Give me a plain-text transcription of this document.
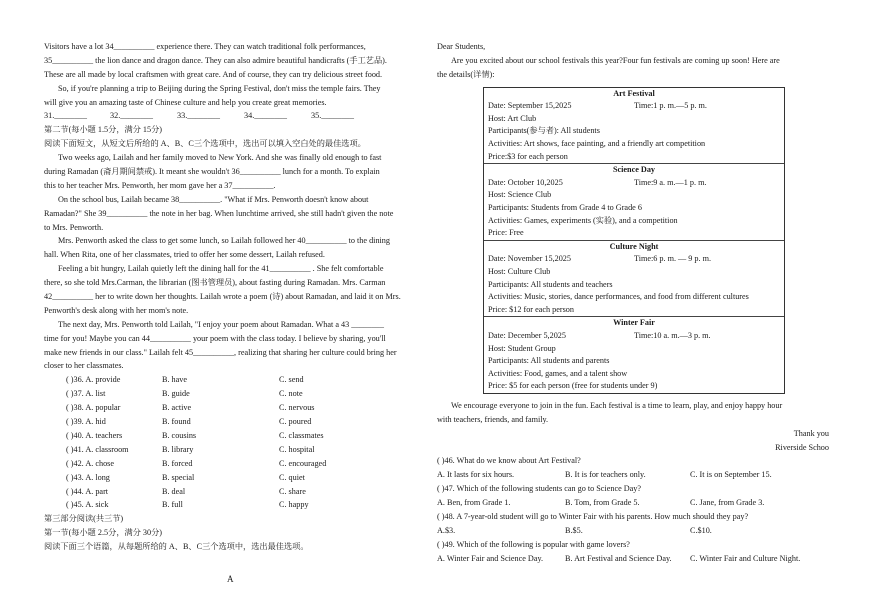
Visitors have a lot 34__________ experience there. They can watch traditional folk performances,

35__________ the lion dance and dragon dance. They can also admire beautiful handicrafts (手工艺品).

These are all made by local craftsmen with great care. And of course, they can try delicious street food.

So, if you're planning a trip to Beijing during the Spring Festival, don't miss the temple fairs. They

will give you an amazing taste of Chinese culture and help you create great memories.

31.________	32.________	33.________	34.________	35.________

第二节(每小题 1.5分，满分 15分)

阅读下面短文，从短文后所给的 A、B、C三个选项中，选出可以填入空白处的最佳选项。

Two weeks ago, Lailah and her family moved to New York. And she was finally old enough to fast

during Ramadan (斋月期间禁戒). It meant she wouldn't 36__________ lunch for a month. To explain

this to her teacher Mrs. Penworth, her mom gave her a 37__________.

On the school bus, Lailah became 38__________. "What if Mrs. Penworth doesn't know about

Ramadan?" She 39__________ the note in her bag. When lunchtime arrived, she still hadn't given the note

to Mrs. Penworth.

Mrs. Penworth asked the class to get some lunch, so Lailah followed her 40__________ to the dining

hall. When Rita, one of her classmates, tried to offer her some dessert, Lailah refused.

Feeling a bit hungry, Lailah quietly left the dining hall for the 41__________ . She felt comfortable

there, so she told Mrs.Carman, the librarian (图书管理员), about fasting during Ramadan. Mrs. Carman

42__________ her to write down her thoughts. Lailah wrote a poem (诗) about Ramadan, and laid it on Mrs.

Penworth's desk along with her mom's note.

The next day, Mrs. Penworth told Lailah, "I enjoy your poem about Ramadan. What a 43 ________

time for you! Maybe you can 44__________ your poem with the class today. I believe by sharing, you'll

make new friends in our class." Lailah felt 45__________, realizing that sharing her culture could bring her

closer to her classmates.

( )36. A. provide	B. have	C. send
( )37. A. list	B. guide	C. note
( )38. A. popular	B. active	C. nervous
( )39. A. hid	B. found	C. poured
( )40. A. teachers	B. cousins	C. classmates
( )41. A. classroom	B. library	C. hospital
( )42. A. chose	B. forced	C. encouraged
( )43. A. long	B. special	C. quiet
( )44. A. part	B. deal	C. share
( )45. A. sick	B. full	C. happy

第三部分阅读(共三节)

第一节(每小题 2.5分，满分 30分)

阅读下面三个语篇，从每题所给的 A、B、C三个选项中，选出最佳选项。

A

Dear Students,

Are you excited about our school festivals this year?Four fun festivals are coming up soon! Here are

the details(详情):

Art Festival
Date: September 15,2025	Time:1 p. m.—5 p. m.
Host: Art Club
Participants(参与者): All students
Activities: Art shows, face painting, and a friendly art competition
Price:$3 for each person
Science Day
Date: October 10,2025	Time:9 a. m.—1 p. m.
Host: Science Club
Participants: Students from Grade 4 to Grade 6
Activities: Games, experiments (实验), and a competition
Price: Free
Culture Night
Date: November 15,2025	Time:6 p. m. — 9 p. m.
Host: Culture Club
Participants: All students and teachers
Activities: Music, stories, dance performances, and food from different cultures
Price: $12 for each person
Winter Fair
Date: December 5,2025	Time:10 a. m.—3 p. m.
Host: Student Group
Participants: All students and parents
Activities: Food, games, and a talent show
Price: $5 for each person (free for students under 9)

We encourage everyone to join in the fun. Each festival is a time to learn, play, and enjoy happy hour

with teachers, friends, and family.

Thank you

Riverside Schoo

( )46. What do we know about Art Festival?

A. It lasts for six hours.	B. It is for teachers only.	C. It is on September 15.

( )47. Which of the following students can go to Science Day?

A. Ben, from Grade 1.	B. Tom, from Grade 5.	C. Jane, from Grade 3.

( )48. A 7-year-old student will go to Winter Fair with his parents. How much should they pay?

A.$3.	B.$5.	C.$10.

( )49. Which of the following is popular with game lovers?

A. Winter Fair and Science Day.	B. Art Festival and Science Day.	C. Winter Fair and Culture Night.
